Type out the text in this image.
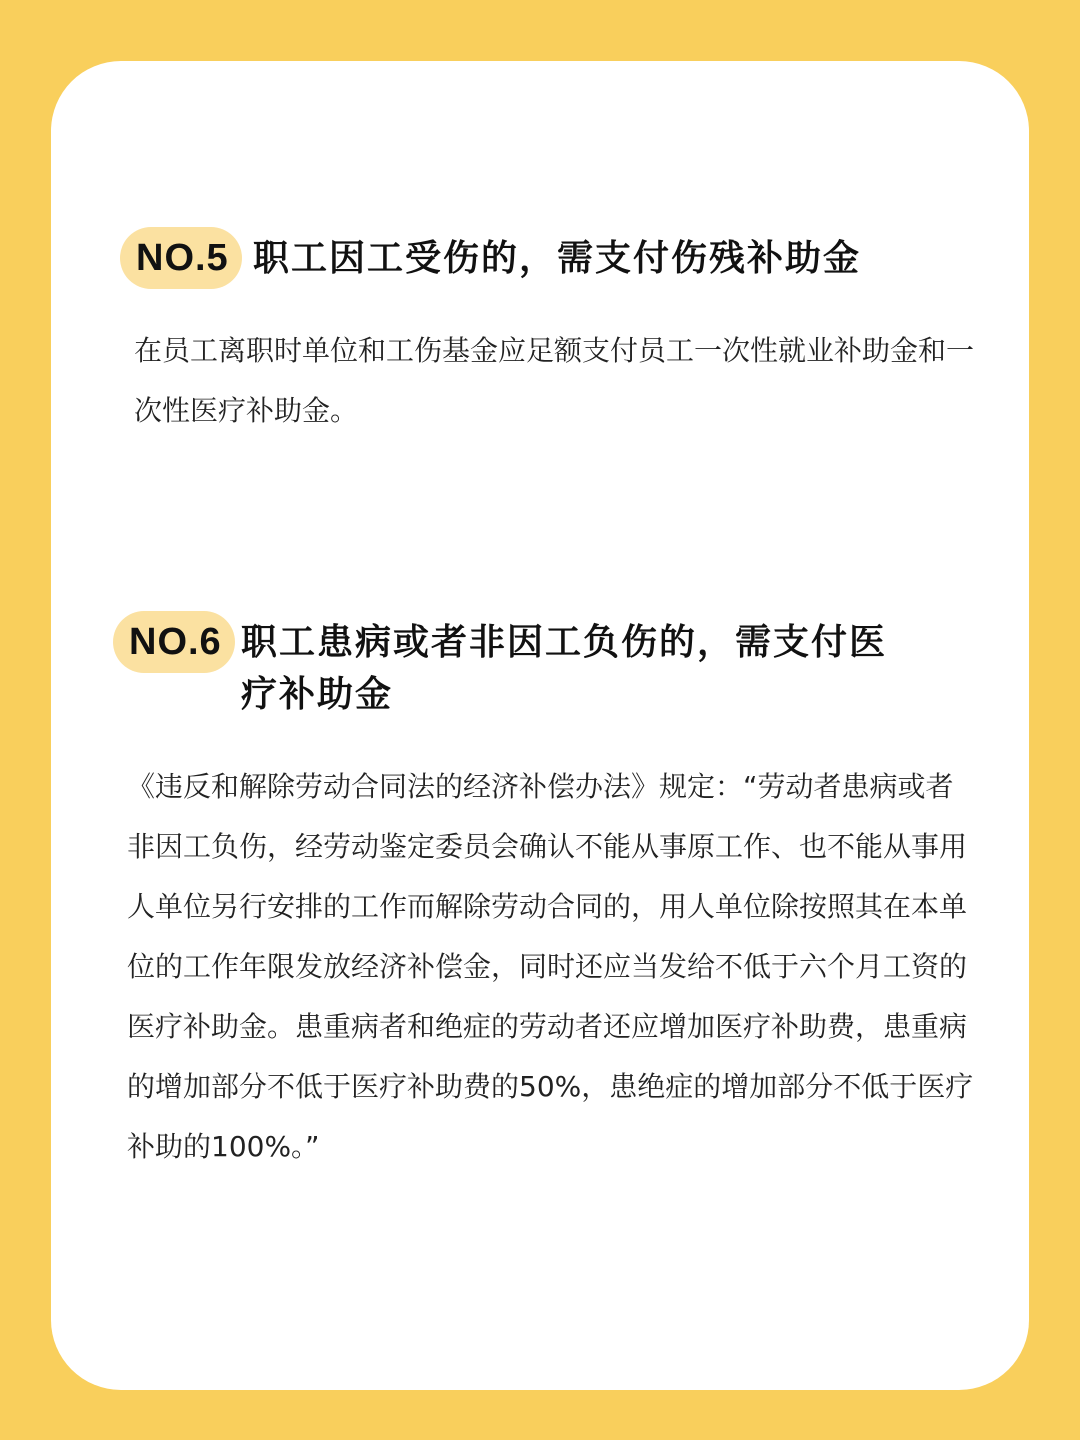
NO.5 职工因工受伤的，需支付伤残补助金

在员工离职时单位和工伤基金应足额支付员工一次性就业补助金和一次性医疗补助金。

NO.6 职工患病或者非因工负伤的，需支付医疗补助金

《违反和解除劳动合同法的经济补偿办法》规定：“劳动者患病或者非因工负伤，经劳动鉴定委员会确认不能从事原工作、也不能从事用人单位另行安排的工作而解除劳动合同的，用人单位除按照其在本单位的工作年限发放经济补偿金，同时还应当发给不低于六个月工资的医疗补助金。患重病者和绝症的劳动者还应增加医疗补助费，患重病的增加部分不低于医疗补助费的50%，患绝症的增加部分不低于医疗补助的100%。”
